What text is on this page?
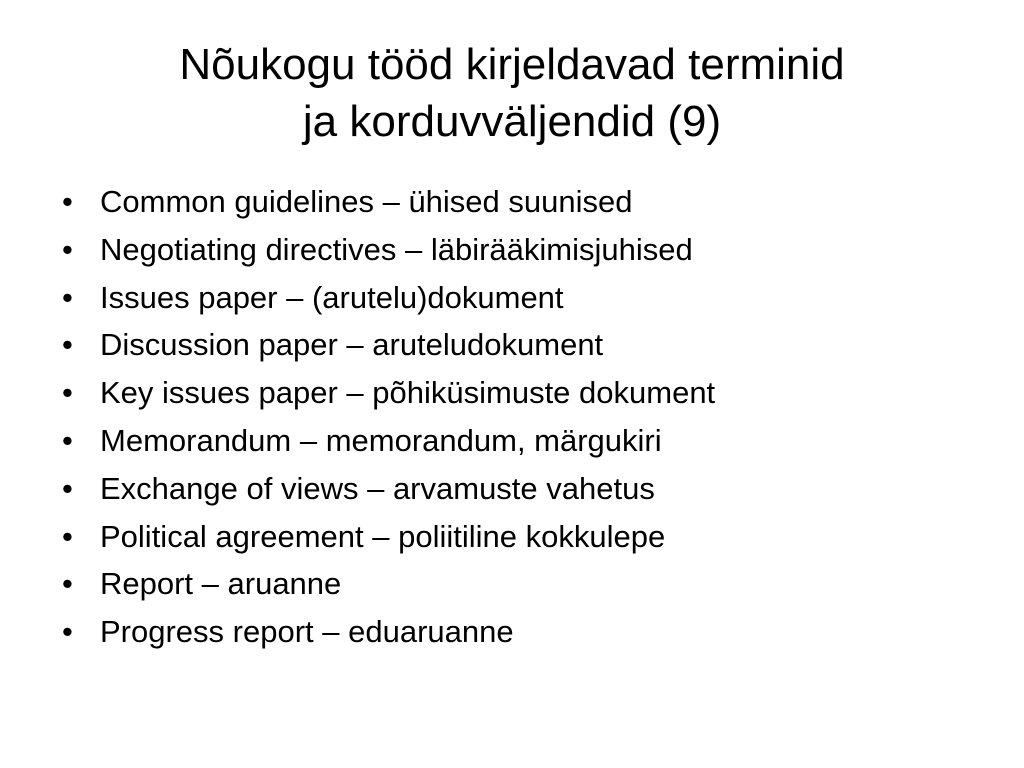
Nõukogu tööd kirjeldavad terminid
ja korduvväljendid (9)
• Common guidelines – ühised suunised
• Negotiating directives – läbirääkimisjuhised
• Issues paper – (arutelu)dokument
• Discussion paper – aruteludokument
• Key issues paper – põhiküsimuste dokument
• Memorandum – memorandum, märgukiri
• Exchange of views – arvamuste vahetus
• Political agreement – poliitiline kokkulepe
• Report – aruanne
• Progress report – eduaruanne
